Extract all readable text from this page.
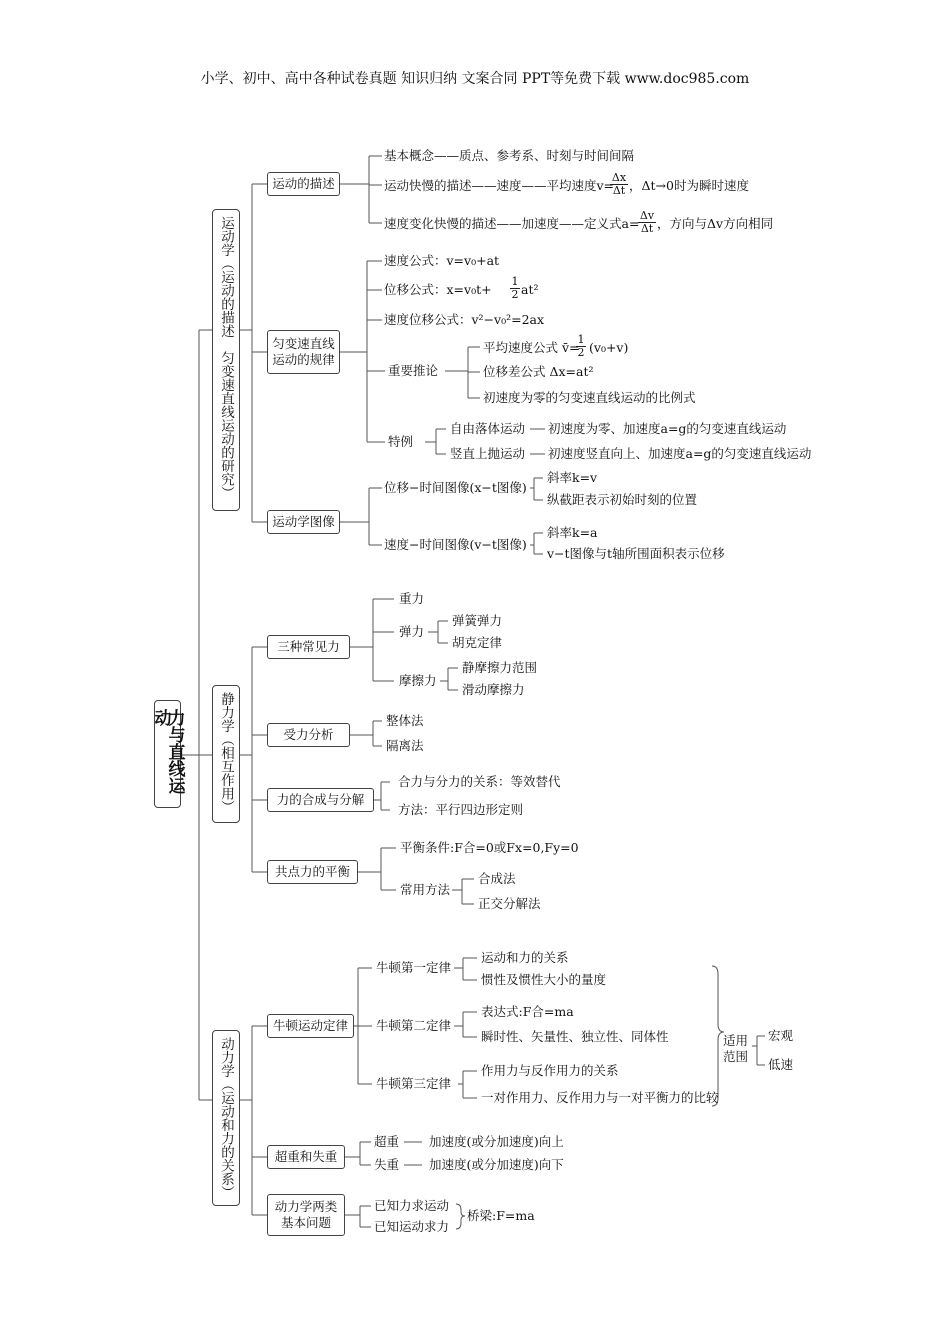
小学、初中、高中各种试卷真题 知识归纳 文案合同 PPT等免费下载 www.doc985.com
力与直线运动
运动学（运动的描述　匀变速直线运动的研究）
运动的描述
基本概念——质点、参考系、时刻与时间间隔
运动快慢的描述——速度——平均速度v=
$\frac{\Delta x}{\Delta t}$ ，Δt→0时为瞬时速度
速度变化快慢的描述——加速度——定义式a=
$\frac{\Delta v}{\Delta t}$ ，方向与Δv方向相同
匀变速直线
运动的规律
速度公式：v=v₀+at
位移公式：$x=v_0t+ \frac{1}{2} at^2$
速度位移公式：v²−v₀²=2ax
重要推论
平均速度公式 v̄=
$\frac{1}{2} (v_0+v)$
位移差公式 Δx=at²
初速度为零的匀变速直线运动的比例式
特例
自由落体运动 初速度为零、加速度a=g的匀变速直线运动
竖直上抛运动 初速度竖直向上、加速度a=g的匀变速直线运动
运动学图像
位移−时间图像(x−t图像)
斜率k=v
纵截距表示初始时刻的位置
速度−时间图像(v−t图像)
斜率k=a
v−t图像与t轴所围面积表示位移
静力学（相互作用）
三种常见力
重力
弹力
弹簧弹力
胡克定律
摩擦力
静摩擦力范围
滑动摩擦力
受力分析
整体法
隔离法
力的合成与分解
合力与分力的关系：等效替代
方法：平行四边形定则
共点力的平衡
平衡条件:F合=0或Fx=0,Fy=0
常用方法
合成法
正交分解法
动力学（运动和力的关系）
牛顿运动定律
牛顿第一定律
运动和力的关系
惯性及惯性大小的量度
牛顿第二定律
表达式:F合=ma
瞬时性、矢量性、独立性、同体性
牛顿第三定律
作用力与反作用力的关系
一对作用力、反作用力与一对平衡力的比较
适用
范围
宏观
低速
超重和失重
超重 加速度(或分加速度)向上
失重 加速度(或分加速度)向下
动力学两类
基本问题
已知力求运动
已知运动求力
桥梁:F=ma
